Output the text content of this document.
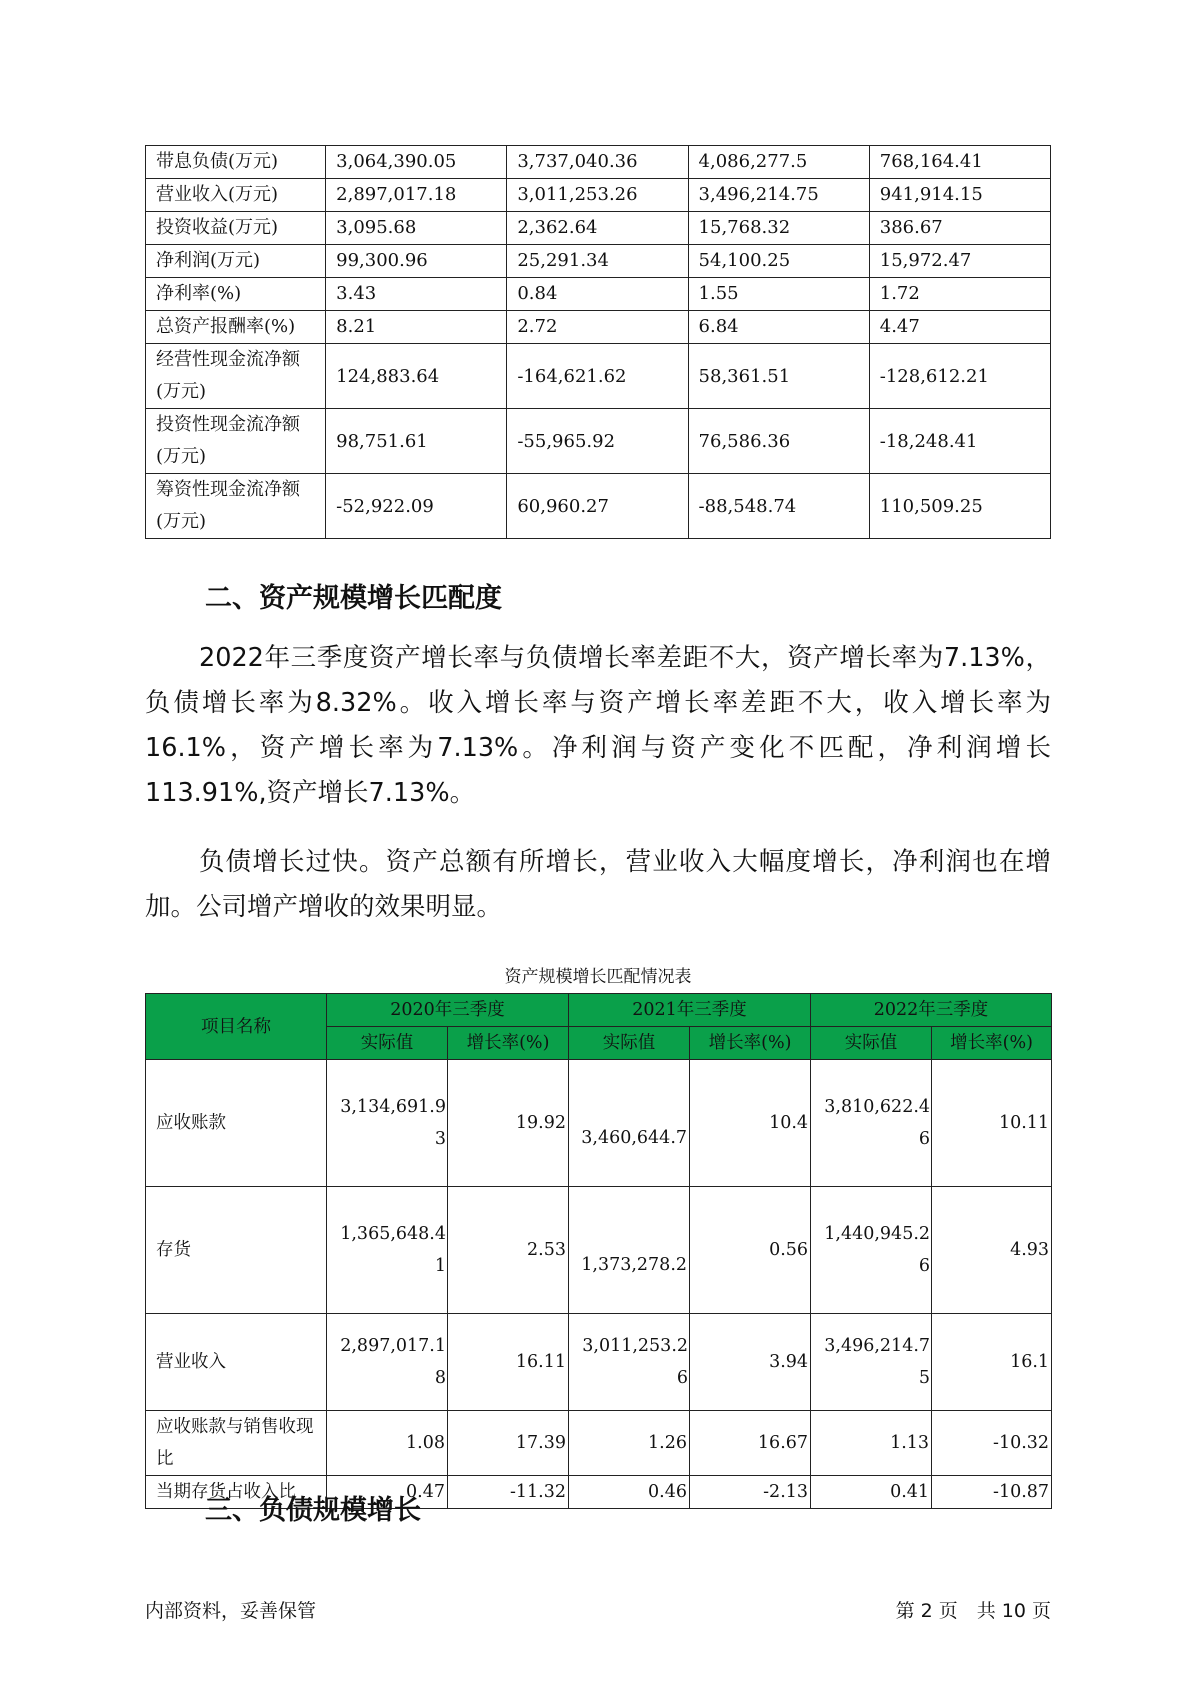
带息负债(万元)	3,064,390.05	3,737,040.36	4,086,277.5	768,164.41
营业收入(万元)	2,897,017.18	3,011,253.26	3,496,214.75	941,914.15
投资收益(万元)	3,095.68	2,362.64	15,768.32	386.67
净利润(万元)	99,300.96	25,291.34	54,100.25	15,972.47
净利率(%)	3.43	0.84	1.55	1.72
总资产报酬率(%)	8.21	2.72	6.84	4.47
经营性现金流净额(万元)	124,883.64	-164,621.62	58,361.51	-128,612.21
投资性现金流净额(万元)	98,751.61	-55,965.92	76,586.36	-18,248.41
筹资性现金流净额(万元)	-52,922.09	60,960.27	-88,548.74	110,509.25
二、资产规模增长匹配度

2022年三季度资产增长率与负债增长率差距不大，资产增长率为7.13%，负债增长率为8.32%。收入增长率与资产增长率差距不大，收入增长率为16.1%，资产增长率为7.13%。净利润与资产变化不匹配，净利润增长113.91%,资产增长7.13%。

负债增长过快。资产总额有所增长，营业收入大幅度增长，净利润也在增加。公司增产增收的效果明显。

资产规模增长匹配情况表

项目名称	2020年三季度		2021年三季度		2022年三季度	
	实际值	增长率(%)	实际值	增长率(%)	实际值	增长率(%)
应收账款	3,134,691.93	19.92	3,460,644.7	10.4	3,810,622.46	10.11
存货	1,365,648.41	2.53	1,373,278.2	0.56	1,440,945.26	4.93
营业收入	2,897,017.18	16.11	3,011,253.26	3.94	3,496,214.75	16.1
应收账款与销售收现比	1.08	17.39	1.26	16.67	1.13	-10.32
当期存货占收入比	0.47	-11.32	0.46	-2.13	0.41	-10.87
三、负债规模增长
内部资料，妥善保管	第 2 页　共 10 页
